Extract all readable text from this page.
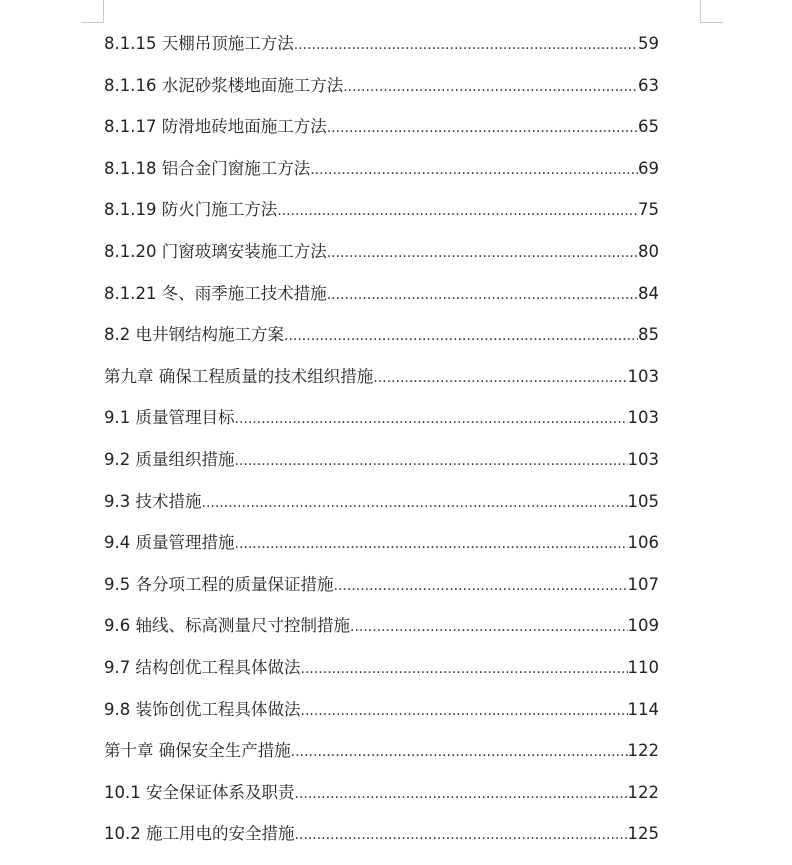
8.1.15 天棚吊顶施工方法 .....	59
8.1.16 水泥砂浆楼地面施工方法 .....	63
8.1.17 防滑地砖地面施工方法 .....	65
8.1.18 铝合金门窗施工方法 .....	69
8.1.19 防火门施工方法 .....	75
8.1.20 门窗玻璃安装施工方法 .....	80
8.1.21 冬、雨季施工技术措施 .....	84
8.2 电井钢结构施工方案 .....	85
第九章 确保工程质量的技术组织措施 .....	103
9.1 质量管理目标 .....	103
9.2 质量组织措施 .....	103
9.3 技术措施 .....	105
9.4 质量管理措施 .....	106
9.5 各分项工程的质量保证措施 .....	107
9.6 轴线、标高测量尺寸控制措施 .....	109
9.7 结构创优工程具体做法 .....	110
9.8 装饰创优工程具体做法 .....	114
第十章 确保安全生产措施 .....	122
10.1 安全保证体系及职责 .....	122
10.2 施工用电的安全措施 .....	125
